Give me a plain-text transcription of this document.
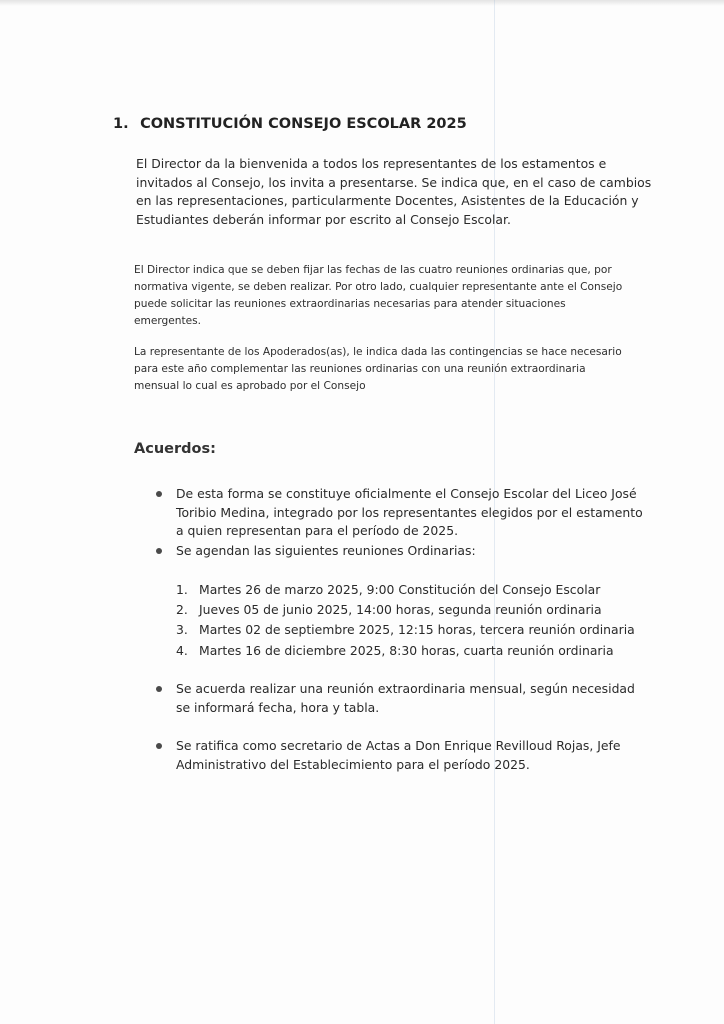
1. CONSTITUCIÓN CONSEJO ESCOLAR 2025
El Director da la bienvenida a todos los representantes de los estamentos e invitados al Consejo, los invita a presentarse. Se indica que, en el caso de cambios en las representaciones, particularmente Docentes, Asistentes de la Educación y Estudiantes deberán informar por escrito al Consejo Escolar.
El Director indica que se deben fijar las fechas de las cuatro reuniones ordinarias que, por normativa vigente, se deben realizar. Por otro lado, cualquier representante ante el Consejo puede solicitar las reuniones extraordinarias necesarias para atender situaciones emergentes.
La representante de los Apoderados(as), le indica dada las contingencias se hace necesario para este año complementar las reuniones ordinarias con una reunión extraordinaria mensual lo cual es aprobado por el Consejo
Acuerdos:
De esta forma se constituye oficialmente el Consejo Escolar del Liceo José Toribio Medina, integrado por los representantes elegidos por el estamento a quien representan para el período de 2025.
Se agendan las siguientes reuniones Ordinarias:
1. Martes 26 de marzo 2025, 9:00 Constitución del Consejo Escolar
2. Jueves 05 de junio 2025, 14:00 horas, segunda reunión ordinaria
3. Martes 02 de septiembre 2025, 12:15 horas, tercera reunión ordinaria
4. Martes 16 de diciembre 2025, 8:30 horas, cuarta reunión ordinaria
Se acuerda realizar una reunión extraordinaria mensual, según necesidad se informará fecha, hora y tabla.
Se ratifica como secretario de Actas a Don Enrique Revilloud Rojas, Jefe Administrativo del Establecimiento para el período 2025.
